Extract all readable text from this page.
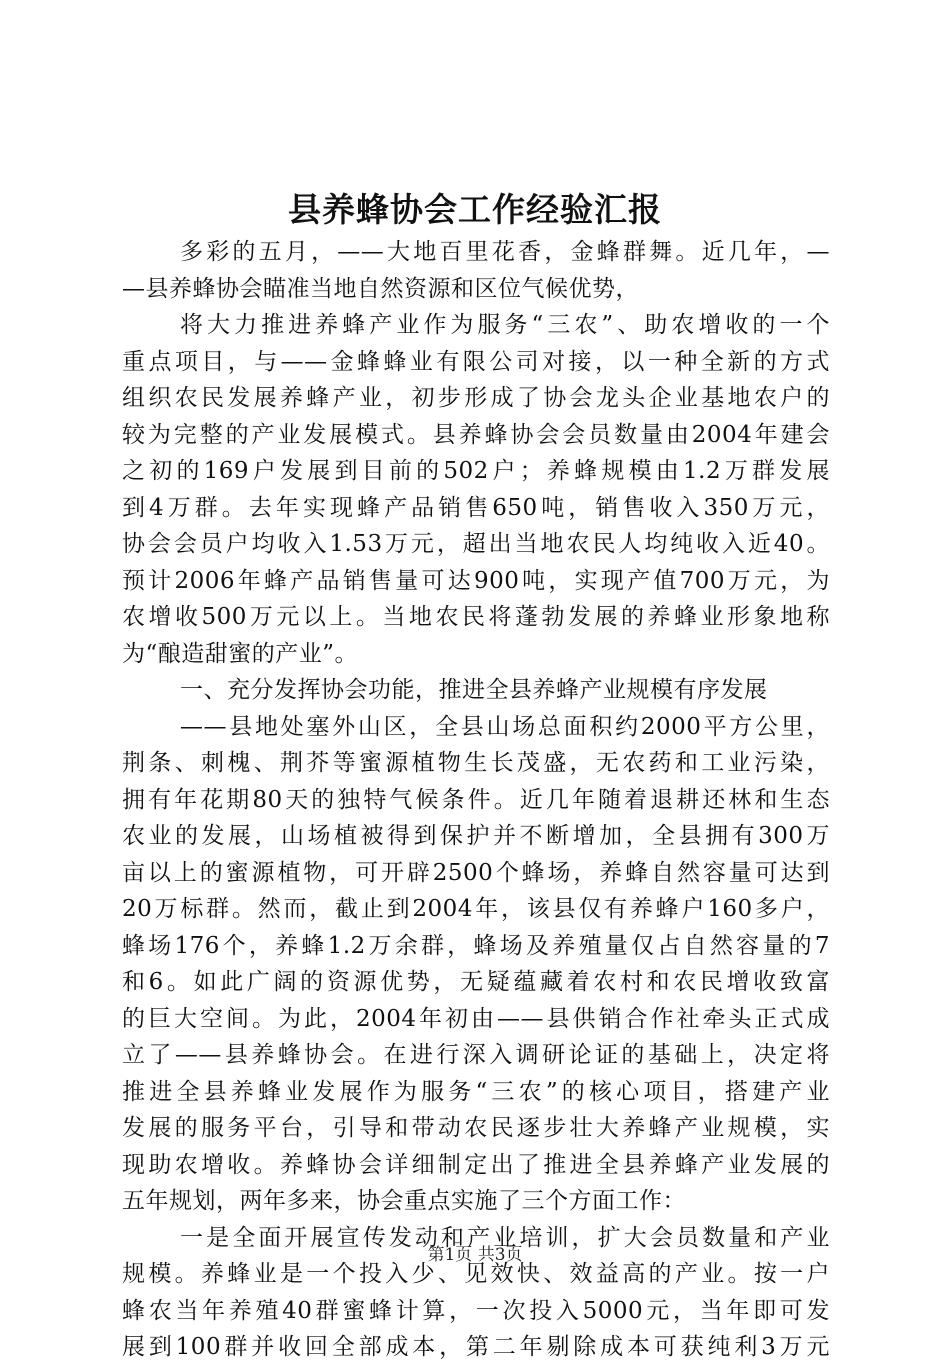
县养蜂协会工作经验汇报
多彩的五月，——大地百里花香，金蜂群舞。近几年，—
—县养蜂协会瞄准当地自然资源和区位气候优势，
将大力推进养蜂产业作为服务“三农”、助农增收的一个
重点项目，与——金蜂蜂业有限公司对接，以一种全新的方式
组织农民发展养蜂产业，初步形成了协会龙头企业基地农户的
较为完整的产业发展模式。县养蜂协会会员数量由2004年建会
之初的169户发展到目前的502户；养蜂规模由1.2万群发展
到4万群。去年实现蜂产品销售650吨，销售收入350万元，
协会会员户均收入1.53万元，超出当地农民人均纯收入近40。
预计2006年蜂产品销售量可达900吨，实现产值700万元，为
农增收500万元以上。当地农民将蓬勃发展的养蜂业形象地称
为“酿造甜蜜的产业”。
一、充分发挥协会功能，推进全县养蜂产业规模有序发展
——县地处塞外山区，全县山场总面积约2000平方公里，
荆条、刺槐、荆芥等蜜源植物生长茂盛，无农药和工业污染，
拥有年花期80天的独特气候条件。近几年随着退耕还林和生态
农业的发展，山场植被得到保护并不断增加，全县拥有300万
亩以上的蜜源植物，可开辟2500个蜂场，养蜂自然容量可达到
20万标群。然而，截止到2004年，该县仅有养蜂户160多户，
蜂场176个，养蜂1.2万余群，蜂场及养殖量仅占自然容量的7
和6。如此广阔的资源优势，无疑蕴藏着农村和农民增收致富
的巨大空间。为此，2004年初由——县供销合作社牵头正式成
立了——县养蜂协会。在进行深入调研论证的基础上，决定将
推进全县养蜂业发展作为服务“三农”的核心项目，搭建产业
发展的服务平台，引导和带动农民逐步壮大养蜂产业规模，实
现助农增收。养蜂协会详细制定出了推进全县养蜂产业发展的
五年规划，两年多来，协会重点实施了三个方面工作：
一是全面开展宣传发动和产业培训，扩大会员数量和产业
规模。养蜂业是一个投入少、见效快、效益高的产业。按一户
蜂农当年养殖40群蜜蜂计算，一次投入5000元，当年即可发
展到100群并收回全部成本，第二年剔除成本可获纯利3万元
第1页 共3页
